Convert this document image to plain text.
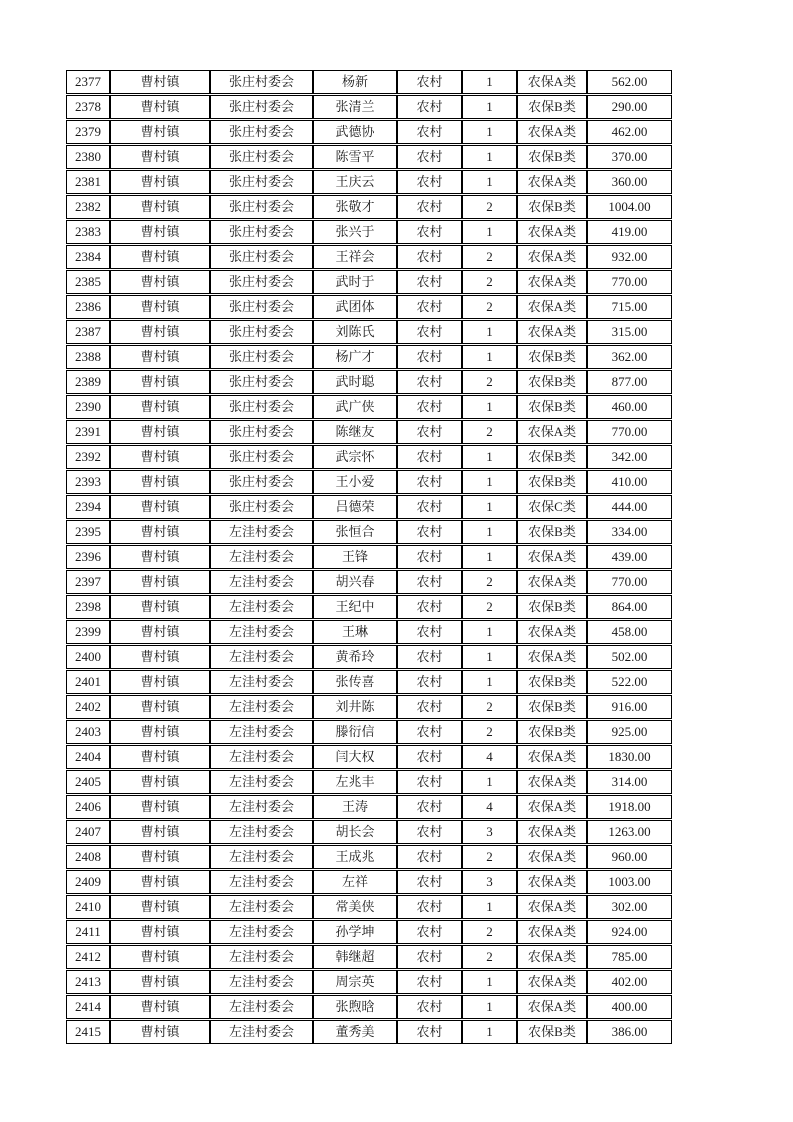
2377	曹村镇	张庄村委会	杨新	农村	1	农保A类	562.00
2378	曹村镇	张庄村委会	张清兰	农村	1	农保B类	290.00
2379	曹村镇	张庄村委会	武德协	农村	1	农保A类	462.00
2380	曹村镇	张庄村委会	陈雪平	农村	1	农保B类	370.00
2381	曹村镇	张庄村委会	王庆云	农村	1	农保A类	360.00
2382	曹村镇	张庄村委会	张敬才	农村	2	农保B类	1004.00
2383	曹村镇	张庄村委会	张兴于	农村	1	农保A类	419.00
2384	曹村镇	张庄村委会	王祥会	农村	2	农保A类	932.00
2385	曹村镇	张庄村委会	武时于	农村	2	农保A类	770.00
2386	曹村镇	张庄村委会	武团体	农村	2	农保A类	715.00
2387	曹村镇	张庄村委会	刘陈氏	农村	1	农保A类	315.00
2388	曹村镇	张庄村委会	杨广才	农村	1	农保B类	362.00
2389	曹村镇	张庄村委会	武时聪	农村	2	农保B类	877.00
2390	曹村镇	张庄村委会	武广侠	农村	1	农保B类	460.00
2391	曹村镇	张庄村委会	陈继友	农村	2	农保A类	770.00
2392	曹村镇	张庄村委会	武宗怀	农村	1	农保B类	342.00
2393	曹村镇	张庄村委会	王小爱	农村	1	农保B类	410.00
2394	曹村镇	张庄村委会	吕德荣	农村	1	农保C类	444.00
2395	曹村镇	左洼村委会	张恒合	农村	1	农保B类	334.00
2396	曹村镇	左洼村委会	王锋	农村	1	农保A类	439.00
2397	曹村镇	左洼村委会	胡兴春	农村	2	农保A类	770.00
2398	曹村镇	左洼村委会	王纪中	农村	2	农保B类	864.00
2399	曹村镇	左洼村委会	王琳	农村	1	农保A类	458.00
2400	曹村镇	左洼村委会	黄希玲	农村	1	农保A类	502.00
2401	曹村镇	左洼村委会	张传喜	农村	1	农保B类	522.00
2402	曹村镇	左洼村委会	刘井陈	农村	2	农保B类	916.00
2403	曹村镇	左洼村委会	滕衍信	农村	2	农保B类	925.00
2404	曹村镇	左洼村委会	闫大权	农村	4	农保A类	1830.00
2405	曹村镇	左洼村委会	左兆丰	农村	1	农保A类	314.00
2406	曹村镇	左洼村委会	王涛	农村	4	农保A类	1918.00
2407	曹村镇	左洼村委会	胡长会	农村	3	农保A类	1263.00
2408	曹村镇	左洼村委会	王成兆	农村	2	农保A类	960.00
2409	曹村镇	左洼村委会	左祥	农村	3	农保A类	1003.00
2410	曹村镇	左洼村委会	常美侠	农村	1	农保A类	302.00
2411	曹村镇	左洼村委会	孙学坤	农村	2	农保A类	924.00
2412	曹村镇	左洼村委会	韩继超	农村	2	农保A类	785.00
2413	曹村镇	左洼村委会	周宗英	农村	1	农保A类	402.00
2414	曹村镇	左洼村委会	张煦晗	农村	1	农保A类	400.00
2415	曹村镇	左洼村委会	董秀美	农村	1	农保B类	386.00
